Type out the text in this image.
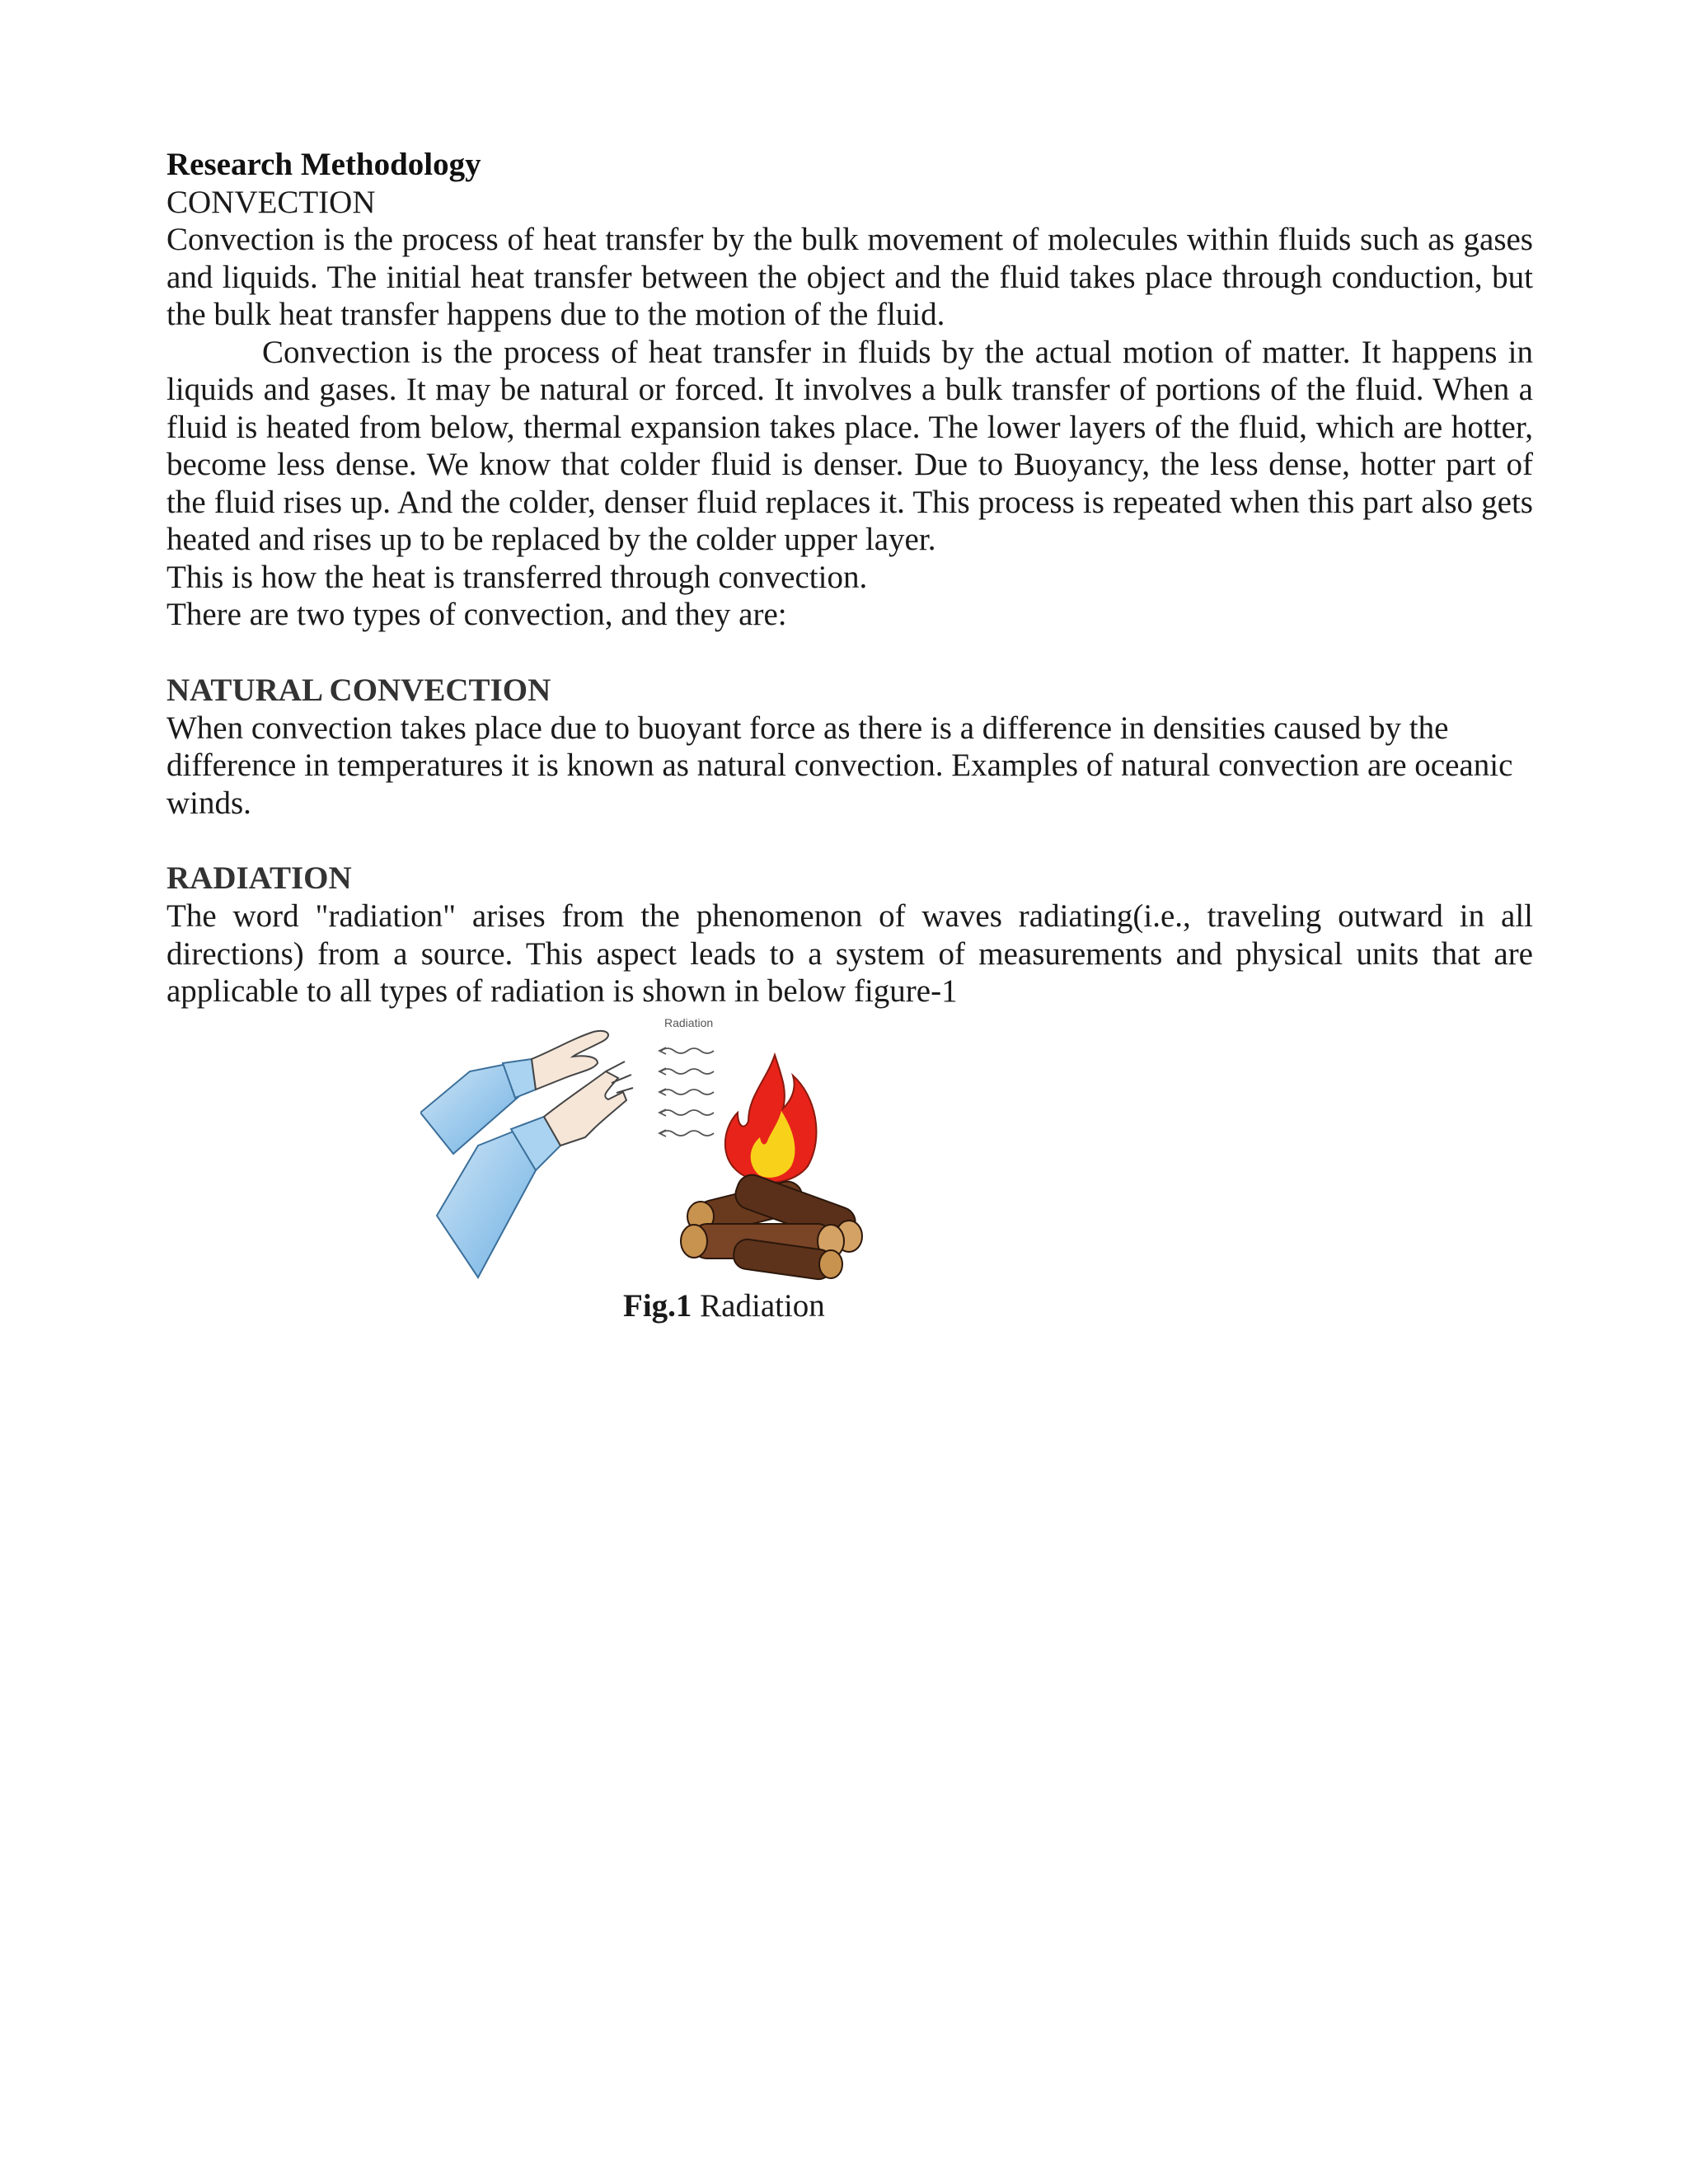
Research Methodology

CONVECTION

Convection is the process of heat transfer by the bulk movement of molecules within fluids such as gases and liquids. The initial heat transfer between the object and the fluid takes place through conduction, but the bulk heat transfer happens due to the motion of the fluid.

Convection is the process of heat transfer in fluids by the actual motion of matter. It happens in liquids and gases. It may be natural or forced. It involves a bulk transfer of portions of the fluid. When a fluid is heated from below, thermal expansion takes place. The lower layers of the fluid, which are hotter, become less dense. We know that colder fluid is denser. Due to Buoyancy, the less dense, hotter part of the fluid rises up. And the colder, denser fluid replaces it. This process is repeated when this part also gets heated and rises up to be replaced by the colder upper layer.

This is how the heat is transferred through convection.

There are two types of convection, and they are:

NATURAL CONVECTION

When convection takes place due to buoyant force as there is a difference in densities caused by the difference in temperatures it is known as natural convection. Examples of natural convection are oceanic winds.

RADIATION

The word "radiation" arises from the phenomenon of waves radiating(i.e., traveling outward in all directions) from a source. This aspect leads to a system of measurements and physical units that are applicable to all types of radiation is shown in below figure-1

Radiation
Fig.1 Radiation
